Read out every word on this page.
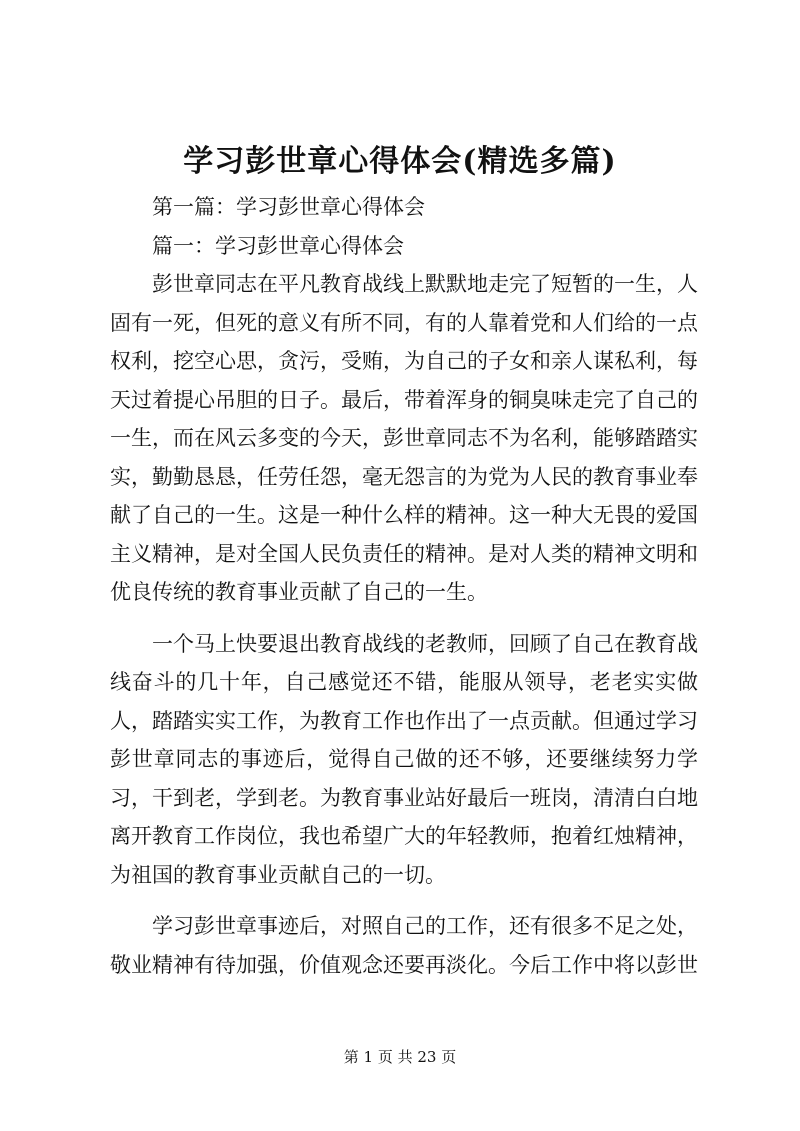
学习彭世章心得体会(精选多篇)

第一篇：学习彭世章心得体会

篇一：学习彭世章心得体会

彭世章同志在平凡教育战线上默默地走完了短暂的一生，人固有一死，但死的意义有所不同，有的人靠着党和人们给的一点权利，挖空心思，贪污，受贿，为自己的子女和亲人谋私利，每天过着提心吊胆的日子。最后，带着浑身的铜臭味走完了自己的一生，而在风云多变的今天，彭世章同志不为名利，能够踏踏实实，勤勤恳恳，任劳任怨，毫无怨言的为党为人民的教育事业奉献了自己的一生。这是一种什么样的精神。这一种大无畏的爱国主义精神，是对全国人民负责任的精神。是对人类的精神文明和优良传统的教育事业贡献了自己的一生。

一个马上快要退出教育战线的老教师，回顾了自己在教育战线奋斗的几十年，自己感觉还不错，能服从领导，老老实实做人，踏踏实实工作，为教育工作也作出了一点贡献。但通过学习彭世章同志的事迹后，觉得自己做的还不够，还要继续努力学习，干到老，学到老。为教育事业站好最后一班岗，清清白白地离开教育工作岗位，我也希望广大的年轻教师，抱着红烛精神，为祖国的教育事业贡献自己的一切。

学习彭世章事迹后，对照自己的工作，还有很多不足之处，敬业精神有待加强，价值观念还要再淡化。今后工作中将以彭世

第 1 页 共 23 页
